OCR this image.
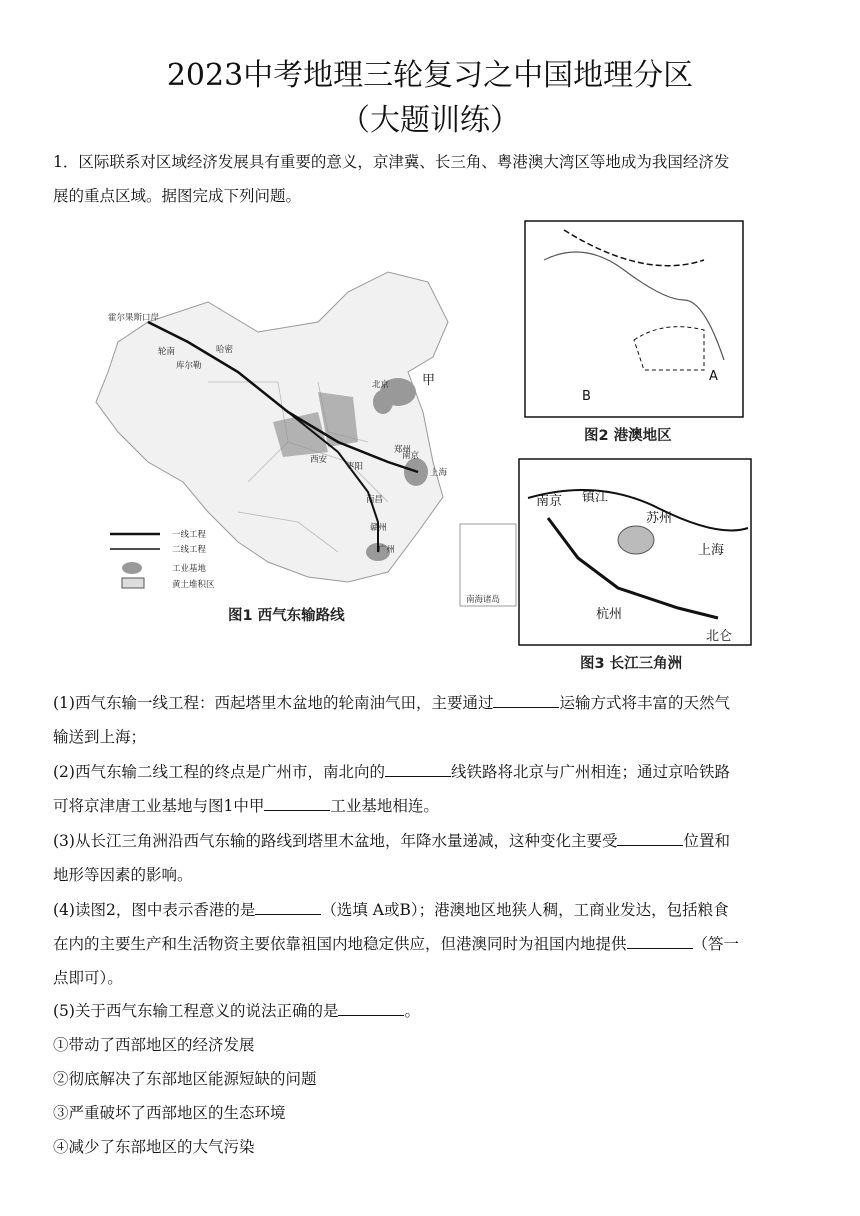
2023中考地理三轮复习之中国地理分区
（大题训练）
1．区际联系对区域经济发展具有重要的意义，京津冀、长三角、粤港澳大湾区等地成为我国经济发
展的重点区域。据图完成下列问题。
霍尔果斯口岸
轮南	哈密
库尔勒
北京	甲
郑州
西安
枣阳
南京
上海
南昌
赣州
广州
南海诸岛
一线工程
二线工程
工业基地
黄土堆积区
图1 西气东输路线
A
B
图2 港澳地区
南京 镇江
苏州
上海
杭州
北仑
图3 长江三角洲
(1)西气东输一线工程：西起塔里木盆地的轮南油气田，主要通过	运输方式将丰富的天然气
输送到上海；
(2)西气东输二线工程的终点是广州市，南北向的	线铁路将北京与广州相连；通过京哈铁路
可将京津唐工业基地与图1中甲	工业基地相连。
(3)从长江三角洲沿西气东输的路线到塔里木盆地，年降水量递减，这种变化主要受	位置和
地形等因素的影响。
(4)读图2，图中表示香港的是	（选填 A或B）；港澳地区地狭人稠，工商业发达，包括粮食
在内的主要生产和生活物资主要依靠祖国内地稳定供应，但港澳同时为祖国内地提供	（答一
点即可）。
(5)关于西气东输工程意义的说法正确的是	。
①带动了西部地区的经济发展
②彻底解决了东部地区能源短缺的问题
③严重破坏了西部地区的生态环境
④减少了东部地区的大气污染
